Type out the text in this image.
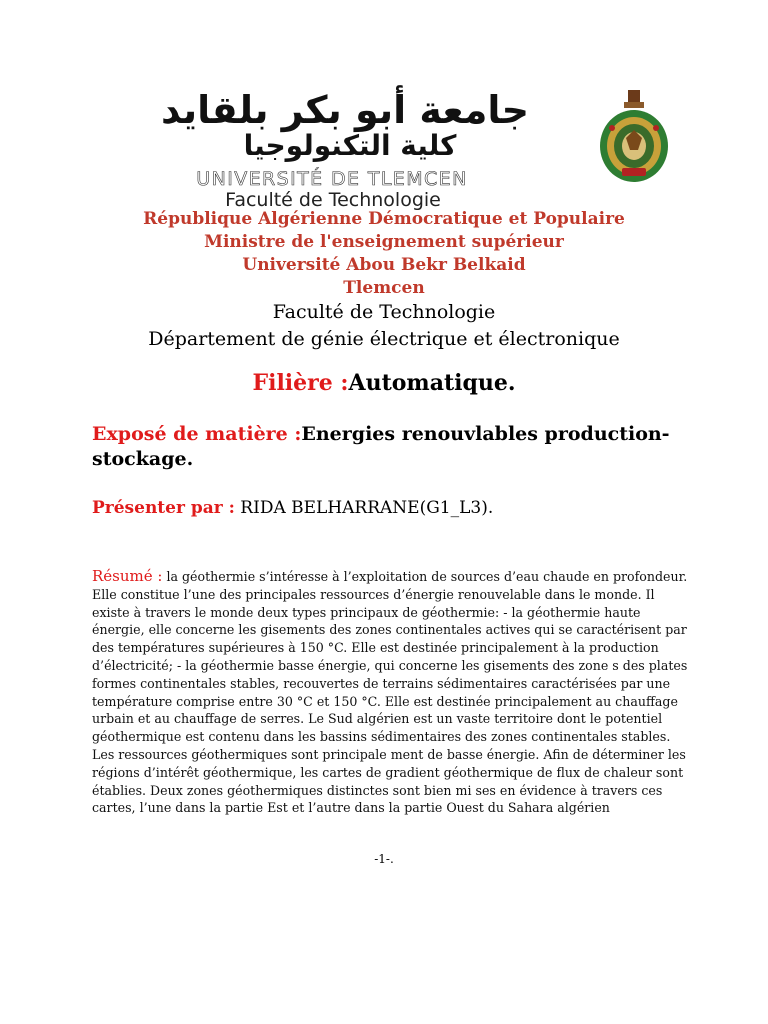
جامعة أبو بكر بلقايد
كلية التكنولوجيا
UNIVERSITÉ DE TLEMCEN
Faculté de Technologie
République Algérienne Démocratique et Populaire
Ministre de l'enseignement supérieur
Université Abou Bekr Belkaid
Tlemcen
Faculté de Technologie
Département de génie électrique et électronique
Filière :Automatique.
Exposé de matière :Energies renouvlables production-stockage.
Présenter par : RIDA BELHARRANE(G1_L3).
Résumé : la géothermie s’intéresse à l’exploitation de sources d’eau chaude en profondeur. Elle constitue l’une des principales ressources d’énergie renouvelable dans le monde. Il existe à travers le monde deux types principaux de géothermie: - la géothermie haute énergie, elle concerne les gisements des zones continentales actives qui se caractérisent par des températures supérieures à 150 °C. Elle est destinée principalement à la production d’électricité; - la géothermie basse énergie, qui concerne les gisements des zone s des plates formes continentales stables, recouvertes de terrains sédimentaires caractérisées par une température comprise entre 30 °C et 150 °C. Elle est destinée principalement au chauffage urbain et au chauffage de serres. Le Sud algérien est un vaste territoire dont le potentiel géothermique est contenu dans les bassins sédimentaires des zones continentales stables. Les ressources géothermiques sont principale ment de basse énergie. Afin de déterminer les régions d’intérêt géothermique, les cartes de gradient géothermique de flux de chaleur sont établies. Deux zones géothermiques distinctes sont bien mi ses en évidence à travers ces cartes, l’une dans la partie Est et l’autre dans la partie Ouest du Sahara algérien
-1-.
